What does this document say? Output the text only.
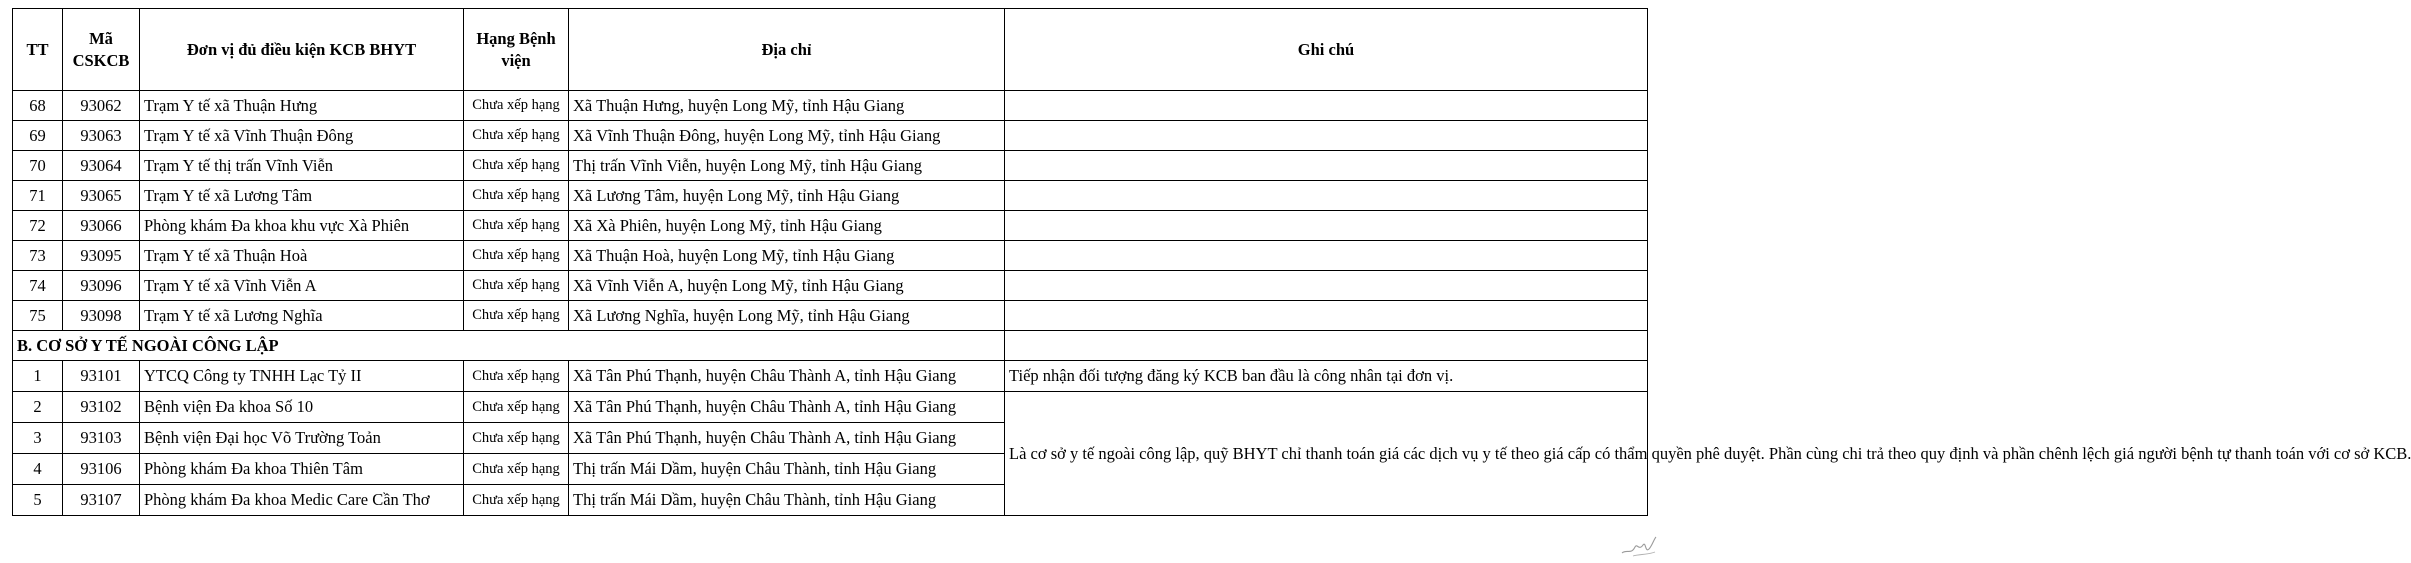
TT	Mã CSKCB	Đơn vị đủ điều kiện KCB BHYT	Hạng Bệnh viện	Địa chỉ	Ghi chú
68	93062	Trạm Y tế xã Thuận Hưng	Chưa xếp hạng	Xã Thuận Hưng, huyện Long Mỹ, tỉnh Hậu Giang	
69	93063	Trạm Y tế xã Vĩnh Thuận Đông	Chưa xếp hạng	Xã Vĩnh Thuận Đông, huyện Long Mỹ, tỉnh Hậu Giang	
70	93064	Trạm Y tế thị trấn Vĩnh Viễn	Chưa xếp hạng	Thị trấn Vĩnh Viễn, huyện Long Mỹ, tỉnh Hậu Giang	
71	93065	Trạm Y tế xã Lương Tâm	Chưa xếp hạng	Xã Lương Tâm, huyện Long Mỹ, tỉnh Hậu Giang	
72	93066	Phòng khám Đa khoa khu vực Xà Phiên	Chưa xếp hạng	Xã Xà Phiên, huyện Long Mỹ, tỉnh Hậu Giang	
73	93095	Trạm Y tế xã Thuận Hoà	Chưa xếp hạng	Xã Thuận Hoà, huyện Long Mỹ, tỉnh Hậu Giang	
74	93096	Trạm Y tế xã Vĩnh Viễn A	Chưa xếp hạng	Xã Vĩnh Viễn A, huyện Long Mỹ, tỉnh Hậu Giang	
75	93098	Trạm Y tế xã Lương Nghĩa	Chưa xếp hạng	Xã Lương Nghĩa, huyện Long Mỹ, tỉnh Hậu Giang	
B. CƠ SỞ Y TẾ NGOÀI CÔNG LẬP					
1	93101	YTCQ Công ty TNHH Lạc Tỷ II	Chưa xếp hạng	Xã Tân Phú Thạnh, huyện Châu Thành A, tỉnh Hậu Giang	Tiếp nhận đối tượng đăng ký KCB ban đầu là công nhân tại đơn vị.
2	93102	Bệnh viện Đa khoa Số 10	Chưa xếp hạng	Xã Tân Phú Thạnh, huyện Châu Thành A, tỉnh Hậu Giang	Là cơ sở y tế ngoài công lập, quỹ BHYT chỉ thanh toán giá các dịch vụ y tế theo giá cấp có thẩm quyền phê duyệt. Phần cùng chi trả theo quy định và phần chênh lệch giá người bệnh tự thanh toán với cơ sở KCB.
3	93103	Bệnh viện Đại học Võ Trường Toản	Chưa xếp hạng	Xã Tân Phú Thạnh, huyện Châu Thành A, tỉnh Hậu Giang	
4	93106	Phòng khám Đa khoa Thiên Tâm	Chưa xếp hạng	Thị trấn Mái Dầm, huyện Châu Thành, tỉnh Hậu Giang	
5	93107	Phòng khám Đa khoa Medic Care Cần Thơ	Chưa xếp hạng	Thị trấn Mái Dầm, huyện Châu Thành, tỉnh Hậu Giang	
